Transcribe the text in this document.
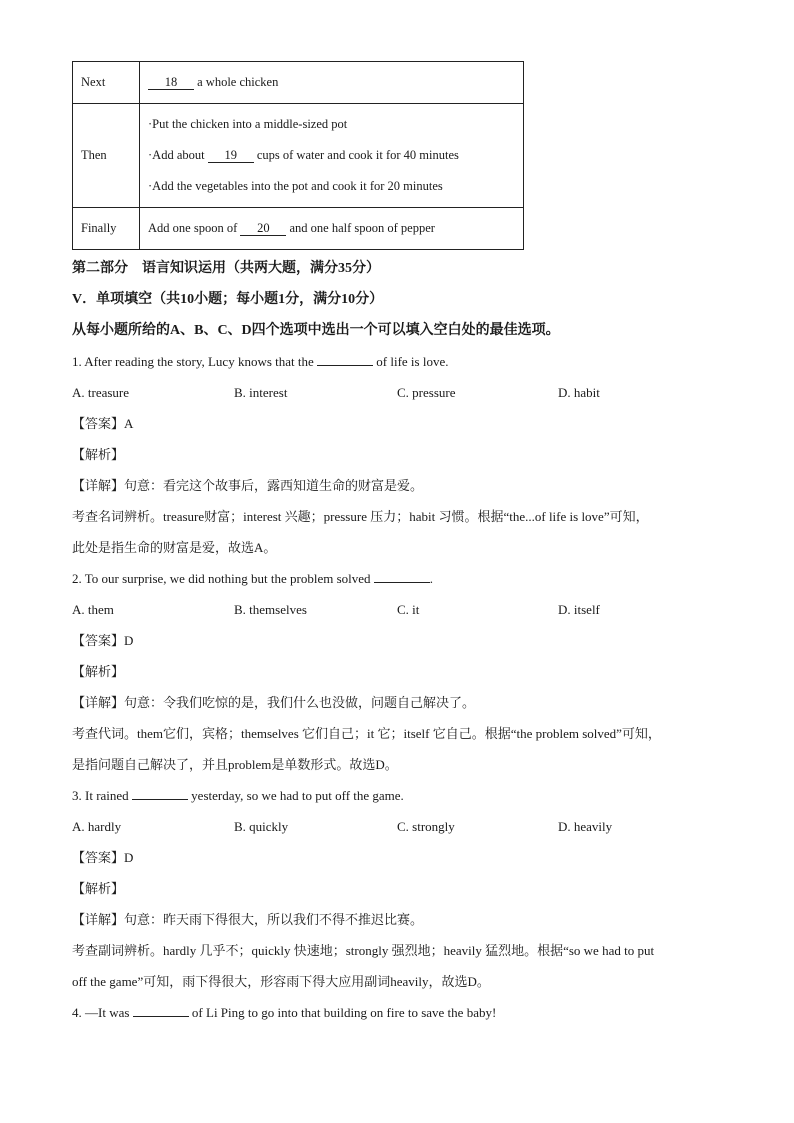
Next	18 a whole chicken
Then	·Put the chicken into a middle-sized pot
·Add about 19 cups of water and cook it for 40 minutes
·Add the vegetables into the pot and cook it for 20 minutes

Finally	Add one spoon of 20 and one half spoon of pepper
第二部分　语言知识运用（共两大题，满分35分）
V．单项填空（共10小题；每小题1分，满分10分）
从每小题所给的A、B、C、D四个选项中选出一个可以填入空白处的最佳选项。
1. After reading the story, Lucy knows that the	of life is love.
A. treasure	B. interest	C. pressure	D. habit
【答案】A
【解析】
【详解】句意：看完这个故事后，露西知道生命的财富是爱。
考查名词辨析。treasure财富；interest 兴趣；pressure 压力；habit 习惯。根据“the...of life is love”可知，
此处是指生命的财富是爱，故选A。
2. To our surprise, we did nothing but the problem solved	.
A. them	B. themselves	C. it	D. itself
【答案】D
【解析】
【详解】句意：令我们吃惊的是，我们什么也没做，问题自己解决了。
考查代词。them它们，宾格；themselves 它们自己；it 它；itself 它自己。根据“the problem solved”可知，
是指问题自己解决了，并且problem是单数形式。故选D。
3. It rained	yesterday, so we had to put off the game.
A. hardly	B. quickly	C. strongly	D. heavily
【答案】D
【解析】
【详解】句意：昨天雨下得很大，所以我们不得不推迟比赛。
考查副词辨析。hardly 几乎不；quickly 快速地；strongly 强烈地；heavily 猛烈地。根据“so we had to put
off the game”可知，雨下得很大，形容雨下得大应用副词heavily，故选D。
4. —It was	of Li Ping to go into that building on fire to save the baby!
